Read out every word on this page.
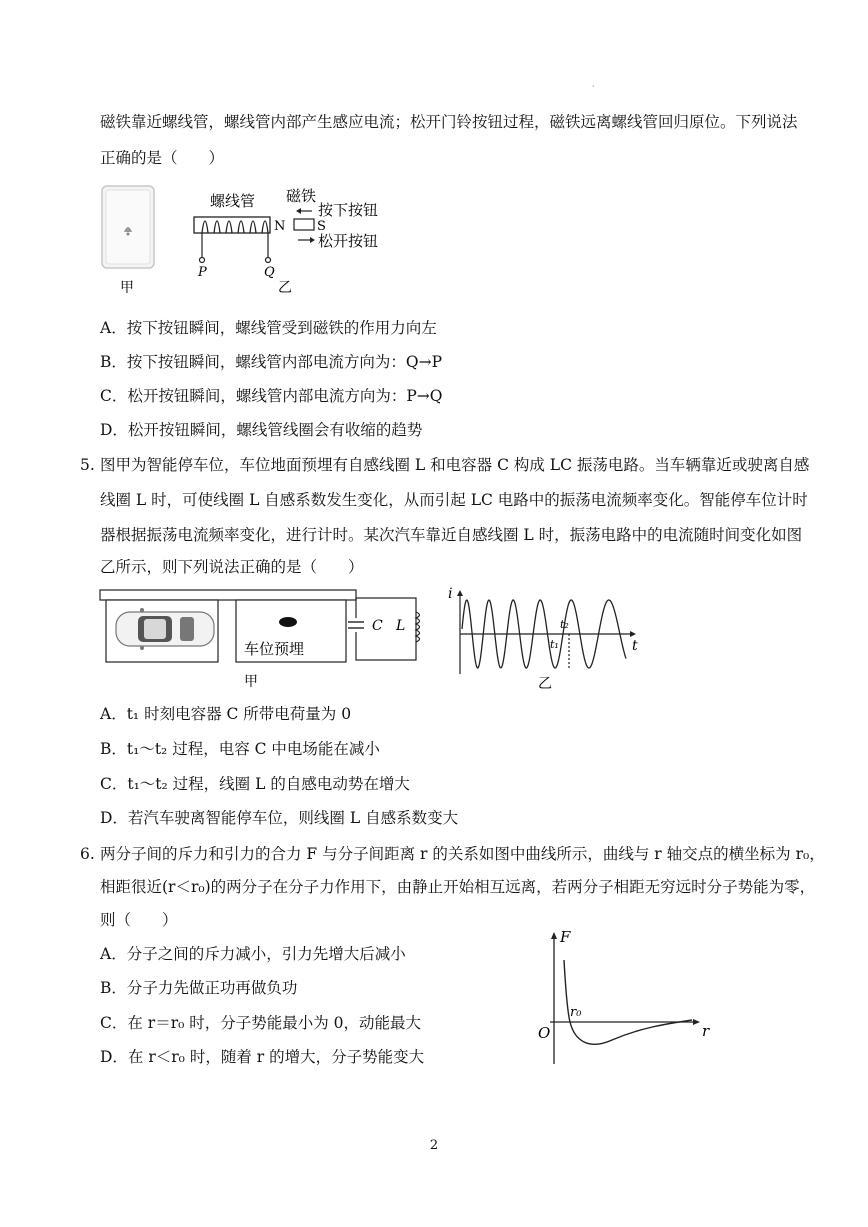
·
磁铁靠近螺线管，螺线管内部产生感应电流；松开门铃按钮过程，磁铁远离螺线管回归原位。下列说法
正确的是（　　）
甲
P	Q
螺线管
乙
N S
磁铁
按下按钮
松开按钮
A．按下按钮瞬间，螺线管受到磁铁的作用力向左
B．按下按钮瞬间，螺线管内部电流方向为：Q→P
C．松开按钮瞬间，螺线管内部电流方向为：P→Q
D．松开按钮瞬间，螺线管线圈会有收缩的趋势
5. 图甲为智能停车位，车位地面预埋有自感线圈 L 和电容器 C 构成 LC 振荡电路。当车辆靠近或驶离自感
线圈 L 时，可使线圈 L 自感系数发生变化，从而引起 LC 电路中的振荡电流频率变化。智能停车位计时
器根据振荡电流频率变化，进行计时。某次汽车靠近自感线圈 L 时，振荡电路中的电流随时间变化如图
乙所示，则下列说法正确的是（　　）
车位预埋
C L
甲
i
t
t₂
t₁
乙
A．t₁ 时刻电容器 C 所带电荷量为 0
B．t₁～t₂ 过程，电容 C 中电场能在减小
C．t₁～t₂ 过程，线圈 L 的自感电动势在增大
D．若汽车驶离智能停车位，则线圈 L 自感系数变大
6. 两分子间的斥力和引力的合力 F 与分子间距离 r 的关系如图中曲线所示，曲线与 r 轴交点的横坐标为 r₀，
相距很近(r＜r₀)的两分子在分子力作用下，由静止开始相互远离，若两分子相距无穷远时分子势能为零，
则（　　）
A．分子之间的斥力减小，引力先增大后减小
B．分子力先做正功再做负功
C．在 r＝r₀ 时，分子势能最小为 0，动能最大
D．在 r＜r₀ 时，随着 r 的增大，分子势能变大
F
r
O
r₀
2
